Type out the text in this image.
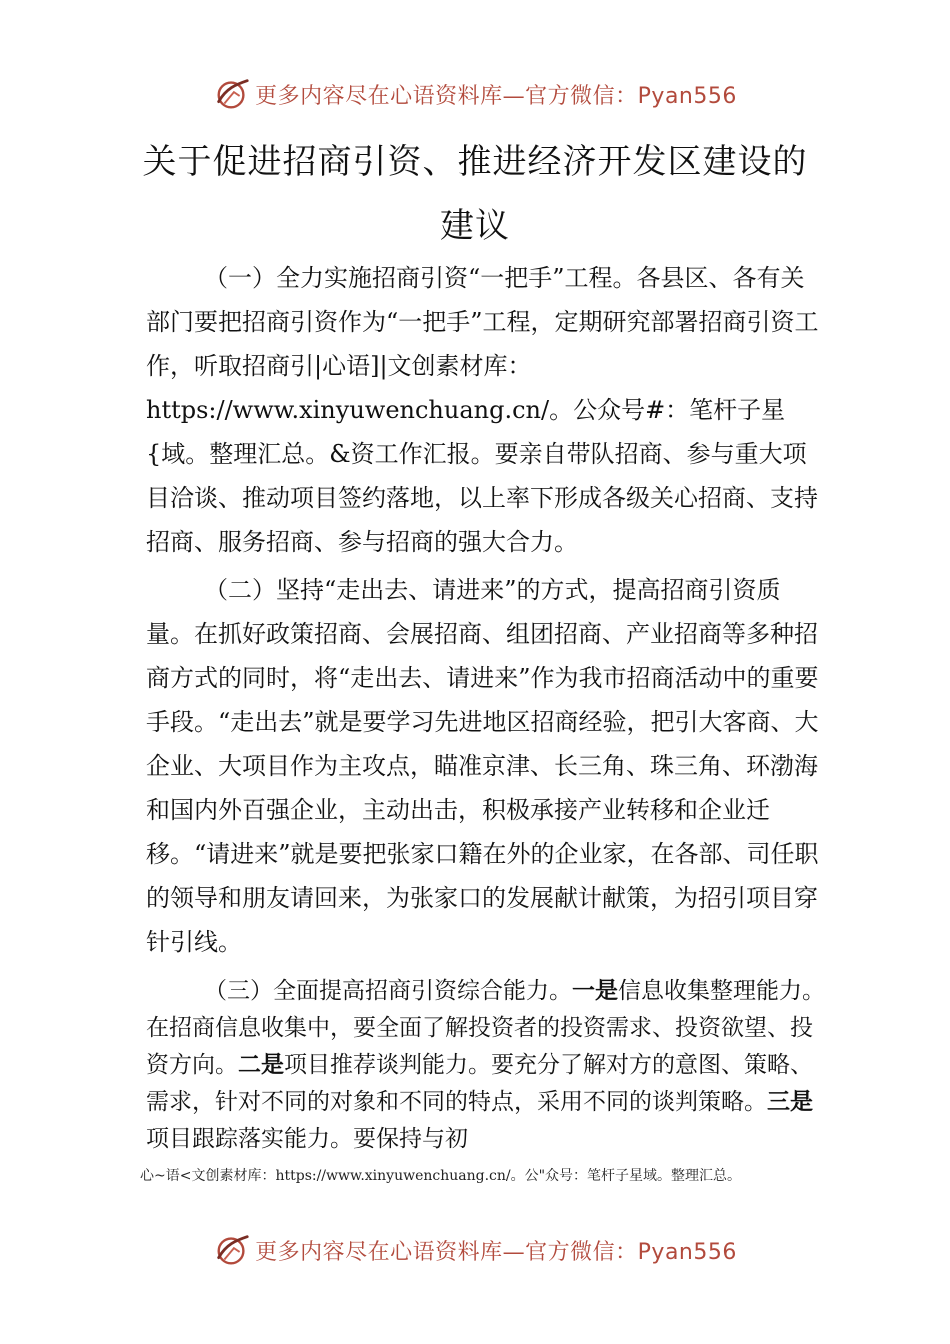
更多内容尽在心语资料库—官方微信：Pyan556
关于促进招商引资、推进经济开发区建设的
建议

（一）全力实施招商引资“一把手”工程。各县区、各有关部门要把招商引资作为“一把手”工程，定期研究部署招商引资工作，听取招商引|心语]|文创素材库：https://www.xinyuwenchuang.cn/。公众号#：笔杆子星{域。整理汇总。&资工作汇报。要亲自带队招商、参与重大项目洽谈、推动项目签约落地，以上率下形成各级关心招商、支持招商、服务招商、参与招商的强大合力。

（二）坚持“走出去、请进来”的方式，提高招商引资质量。在抓好政策招商、会展招商、组团招商、产业招商等多种招商方式的同时，将“走出去、请进来”作为我市招商活动中的重要手段。“走出去”就是要学习先进地区招商经验，把引大客商、大企业、大项目作为主攻点，瞄准京津、长三角、珠三角、环渤海和国内外百强企业，主动出击，积极承接产业转移和企业迁移。“请进来”就是要把张家口籍在外的企业家，在各部、司任职的领导和朋友请回来，为张家口的发展献计献策，为招引项目穿针引线。

（三）全面提高招商引资综合能力。一是信息收集整理能力。在招商信息收集中，要全面了解投资者的投资需求、投资欲望、投资方向。二是项目推荐谈判能力。要充分了解对方的意图、策略、需求，针对不同的对象和不同的特点，采用不同的谈判策略。三是项目跟踪落实能力。要保持与初

心~语<文创素材库：https://www.xinyuwenchuang.cn/。公"众号：笔杆子星域。整理汇总。
更多内容尽在心语资料库—官方微信：Pyan556
